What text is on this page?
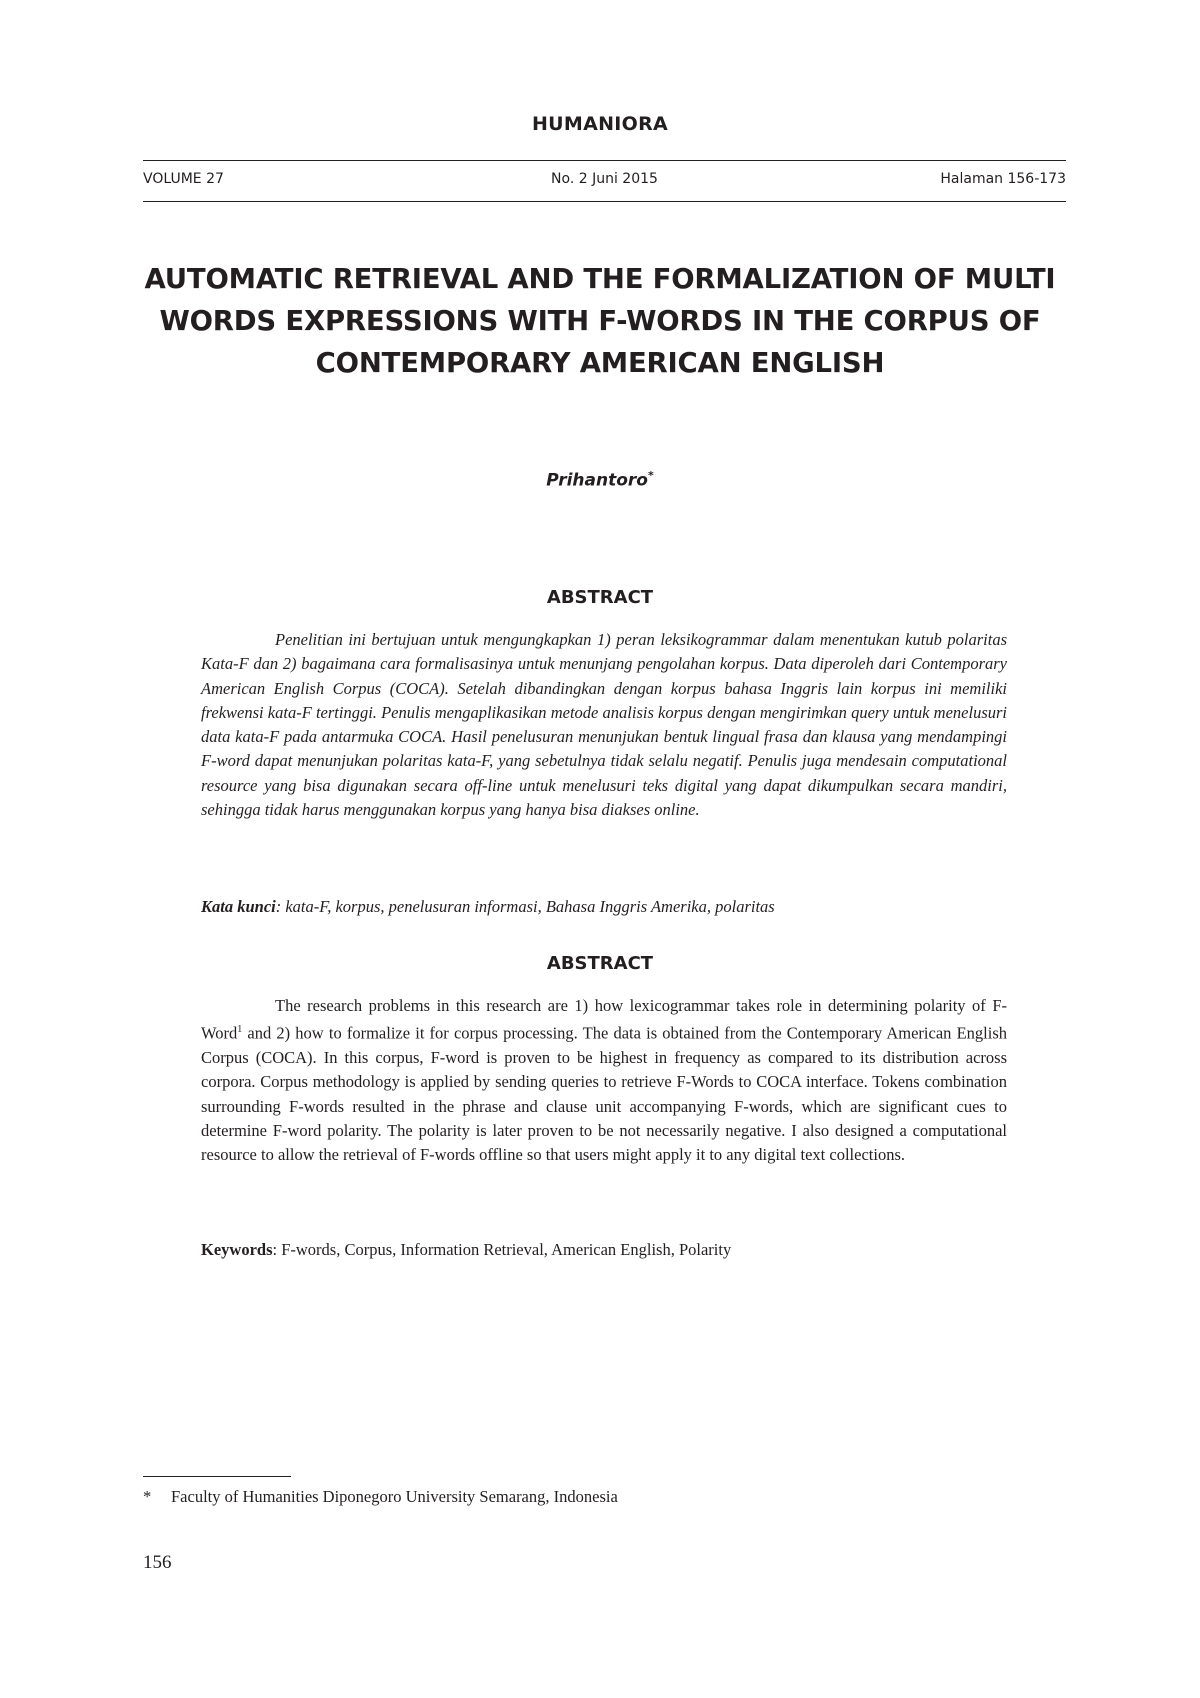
HUMANIORA
VOLUME 27	No. 2 Juni 2015	Halaman 156-173
AUTOMATIC RETRIEVAL AND THE FORMALIZATION OF MULTI
WORDS EXPRESSIONS WITH F-WORDS IN THE CORPUS OF
CONTEMPORARY AMERICAN ENGLISH
Prihantoro*
ABSTRACT

Penelitian ini bertujuan untuk mengungkapkan 1) peran leksikogrammar dalam menentukan kutub polaritas Kata-F dan 2) bagaimana cara formalisasinya untuk menunjang pengolahan korpus. Data diperoleh dari Contemporary American English Corpus (COCA). Setelah dibandingkan dengan korpus bahasa Inggris lain korpus ini memiliki frekwensi kata-F tertinggi. Penulis mengaplikasikan metode analisis korpus dengan mengirimkan query untuk menelusuri data kata-F pada antarmuka COCA. Hasil penelusuran menunjukan bentuk lingual frasa dan klausa yang mendampingi F-word dapat menunjukan polaritas kata-F, yang sebetulnya tidak selalu negatif. Penulis juga mendesain computational resource yang bisa digunakan secara off-line untuk menelusuri teks digital yang dapat dikumpulkan secara mandiri, sehingga tidak harus menggunakan korpus yang hanya bisa diakses online.

Kata kunci: kata-F, korpus, penelusuran informasi, Bahasa Inggris Amerika, polaritas
ABSTRACT

The research problems in this research are 1) how lexicogrammar takes role in determining polarity of F-Word$^1$ and 2) how to formalize it for corpus processing. The data is obtained from the Contemporary American English Corpus (COCA). In this corpus, F-word is proven to be highest in frequency as compared to its distribution across corpora. Corpus methodology is applied by sending queries to retrieve F-Words to COCA interface. Tokens combination surrounding F-words resulted in the phrase and clause unit accompanying F-words, which are significant cues to determine F-word polarity. The polarity is later proven to be not necessarily negative. I also designed a computational resource to allow the retrieval of F-words offline so that users might apply it to any digital text collections.

Keywords: F-words, Corpus, Information Retrieval, American English, Polarity
* Faculty of Humanities Diponegoro University Semarang, Indonesia
156
